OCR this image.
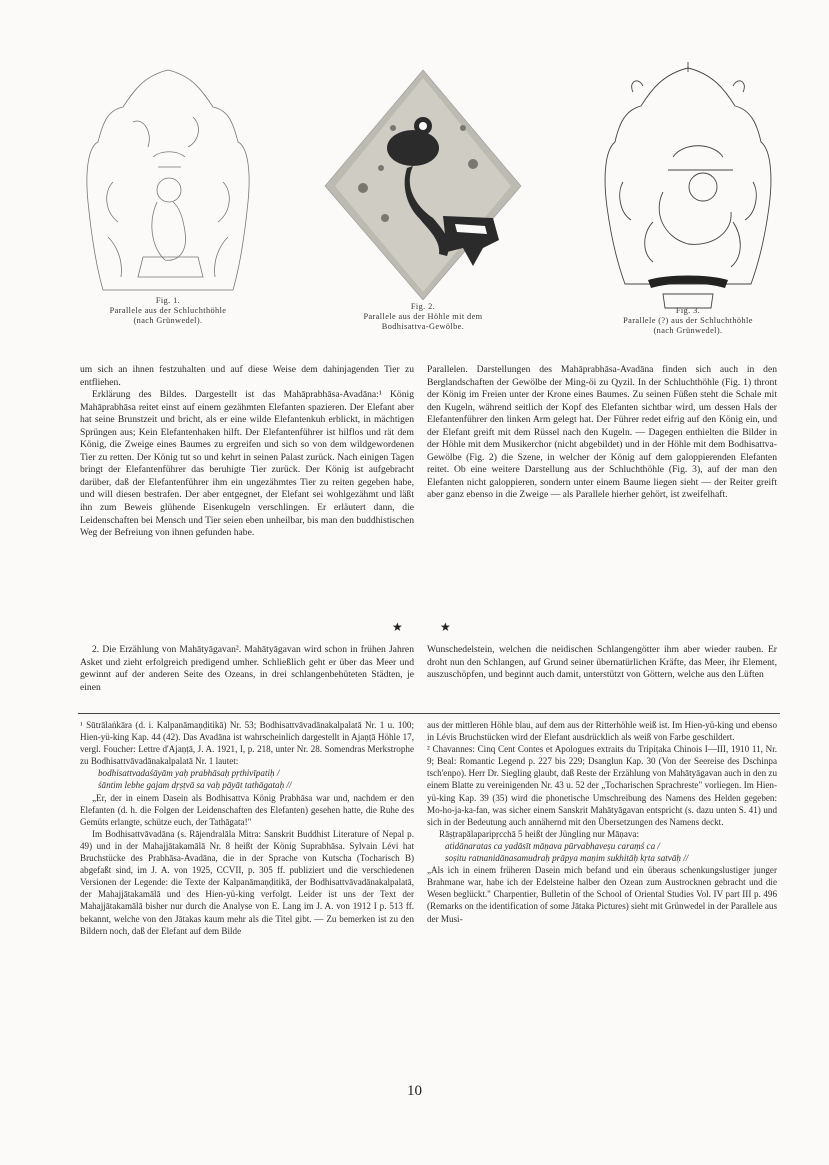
Fig. 1.
Parallele aus der Schluchthöhle
(nach Grünwedel).
Fig. 2.
Parallele aus der Höhle mit dem
Bodhisattva-Gewölbe.
Fig. 3.
Parallele (?) aus der Schluchthöhle
(nach Grünwedel).

um sich an ihnen festzuhalten und auf diese Weise dem dahinjagenden Tier zu entfliehen.

Erklärung des Bildes. Dargestellt ist das Mahāprabhāsa-Avadāna:¹ König Mahāprabhāsa reitet einst auf einem gezähmten Elefanten spazieren. Der Elefant aber hat seine Brunstzeit und bricht, als er eine wilde Elefantenkuh erblickt, in mächtigen Sprüngen aus; Kein Elefantenhaken hilft. Der Elefantenführer ist hilflos und rät dem König, die Zweige eines Baumes zu ergreifen und sich so von dem wildgewordenen Tier zu retten. Der König tut so und kehrt in seinen Palast zurück. Nach einigen Tagen bringt der Elefantenführer das beruhigte Tier zurück. Der König ist aufgebracht darüber, daß der Elefantenführer ihm ein ungezähmtes Tier zu reiten gegeben habe, und will diesen bestrafen. Der aber entgegnet, der Elefant sei wohlgezähmt und läßt ihn zum Beweis glühende Eisenkugeln verschlingen. Er erläutert dann, die Leidenschaften bei Mensch und Tier seien eben unheilbar, bis man den buddhistischen Weg der Befreiung von ihnen gefunden habe.

Parallelen. Darstellungen des Mahāprabhāsa-Avadāna finden sich auch in den Berglandschaften der Gewölbe der Ming-öi zu Qyzil. In der Schluchthöhle (Fig. 1) thront der König im Freien unter der Krone eines Baumes. Zu seinen Füßen steht die Schale mit den Kugeln, während seitlich der Kopf des Elefanten sichtbar wird, um dessen Hals der Elefantenführer den linken Arm gelegt hat. Der Führer redet eifrig auf den König ein, und der Elefant greift mit dem Rüssel nach den Kugeln. — Dagegen enthielten die Bilder in der Höhle mit dem Musikerchor (nicht abgebildet) und in der Höhle mit dem Bodhisattva-Gewölbe (Fig. 2) die Szene, in welcher der König auf dem galoppierenden Elefanten reitet. Ob eine weitere Darstellung aus der Schluchthöhle (Fig. 3), auf der man den Elefanten nicht galoppieren, sondern unter einem Baume liegen sieht — der Reiter greift aber ganz ebenso in die Zweige — als Parallele hierher gehört, ist zweifelhaft.

★	★

2. Die Erzählung von Mahātyāgavan². Mahātyāgavan wird schon in frühen Jahren Asket und zieht erfolgreich predigend umher. Schließlich geht er über das Meer und gewinnt auf der anderen Seite des Ozeans, in drei schlangenbehüteten Städten, je einen

Wunschedelstein, welchen die neidischen Schlangengötter ihm aber wieder rauben. Er droht nun den Schlangen, auf Grund seiner übernatürlichen Kräfte, das Meer, ihr Element, auszuschöpfen, und beginnt auch damit, unterstützt von Göttern, welche aus den Lüften

¹ Sūtrālaṅkāra (d. i. Kalpanāmaṇḍitikā) Nr. 53; Bodhisattvāvadānakalpalatā Nr. 1 u. 100; Hien-yü-king Kap. 44 (42). Das Avadāna ist wahrscheinlich dargestellt in Ajaṇṭā Höhle 17, vergl. Foucher: Lettre d'Ajaṇṭā, J. A. 1921, I, p. 218, unter Nr. 28. Somendras Merkstrophe zu Bodhisattvāvadānakalpalatā Nr. 1 lautet:

bodhisattvadaśāyām yaḥ prabhāsaḥ pṛthivīpatiḥ /

śāntim lebhe gajam dṛṣṭvā sa vaḥ pāyāt tathāgataḥ //

„Er, der in einem Dasein als Bodhisattva König Prabhāsa war und, nachdem er den Elefanten (d. h. die Folgen der Leidenschaften des Elefanten) gesehen hatte, die Ruhe des Gemüts erlangte, schütze euch, der Tathāgata!"

Im Bodhisattvāvadāna (s. Rājendralāla Mitra: Sanskrit Buddhist Literature of Nepal p. 49) und in der Mahajjātakamālā Nr. 8 heißt der König Suprabhāsa. Sylvain Lévi hat Bruchstücke des Prabhāsa-Avadāna, die in der Sprache von Kutscha (Tocharisch B) abgefaßt sind, im J. A. von 1925, CCVII, p. 305 ff. publiziert und die verschiedenen Versionen der Legende: die Texte der Kalpanāmaṇḍitikā, der Bodhisattvāvadānakalpalatā, der Mahajjātakamālā und des Hien-yü-king verfolgt. Leider ist uns der Text der Mahajjātakamālā bisher nur durch die Analyse von E. Lang im J. A. von 1912 I p. 513 ff. bekannt, welche von den Jātakas kaum mehr als die Titel gibt. — Zu bemerken ist zu den Bildern noch, daß der Elefant auf dem Bilde

aus der mittleren Höhle blau, auf dem aus der Ritterhöhle weiß ist. Im Hien-yü-king und ebenso in Lévis Bruchstücken wird der Elefant ausdrücklich als weiß von Farbe geschildert.

² Chavannes: Cinq Cent Contes et Apologues extraits du Tripiṭaka Chinois I—III, 1910 11, Nr. 9; Beal: Romantic Legend p. 227 bis 229; Dsanglun Kap. 30 (Von der Seereise des Dschinpa tsch'enpo). Herr Dr. Siegling glaubt, daß Reste der Erzählung von Mahātyāgavan auch in den zu einem Blatte zu vereinigenden Nr. 43 u. 52 der „Tocharischen Sprachreste" vorliegen. Im Hien-yü-king Kap. 39 (35) wird die phonetische Umschreibung des Namens des Helden gegeben: Mo-ho-ja-ka-fan, was sicher einem Sanskrit Mahātyāgavan entspricht (s. dazu unten S. 41) und sich in der Bedeutung auch annähernd mit den Übersetzungen des Namens deckt.

Rāṣṭrapālaparipṛcchā 5 heißt der Jüngling nur Māṇava:

atidānaratas ca yadāsīt māṇava pūrvabhaveṣu caraṃś ca /

soṣitu ratnanidānasamudraḥ prāpya maṇim sukhitāḥ kṛta satvāḥ //

„Als ich in einem früheren Dasein mich befand und ein überaus schenkungslustiger junger Brahmane war, habe ich der Edelsteine halber den Ozean zum Austrocknen gebracht und die Wesen beglückt." Charpentier, Bulletin of the School of Oriental Studies Vol. IV part III p. 496 (Remarks on the identification of some Jātaka Pictures) sieht mit Grünwedel in der Parallele aus der Musi-

10
